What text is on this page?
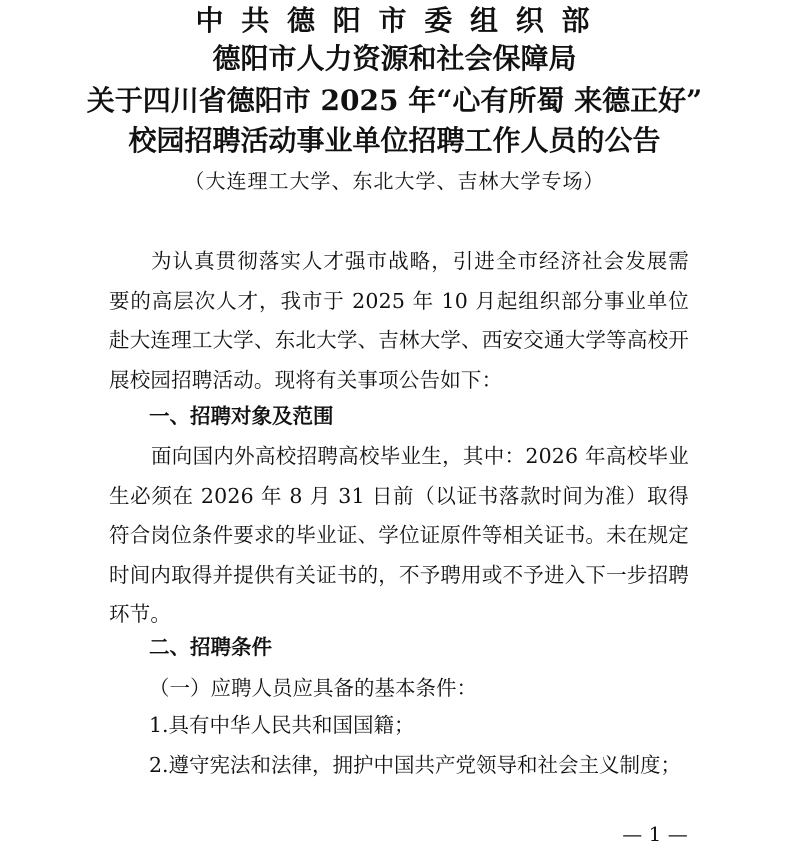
中 共 德 阳 市 委 组 织 部
德阳市人力资源和社会保障局
关于四川省德阳市 2025 年“心有所蜀 来德正好”
校园招聘活动事业单位招聘工作人员的公告
（大连理工大学、东北大学、吉林大学专场）
为认真贯彻落实人才强市战略，引进全市经济社会发展需要的高层次人才，我市于 2025 年 10 月起组织部分事业单位赴大连理工大学、东北大学、吉林大学、西安交通大学等高校开展校园招聘活动。现将有关事项公告如下：
一、招聘对象及范围
面向国内外高校招聘高校毕业生，其中：2026 年高校毕业生必须在 2026 年 8 月 31 日前（以证书落款时间为准）取得符合岗位条件要求的毕业证、学位证原件等相关证书。未在规定时间内取得并提供有关证书的，不予聘用或不予进入下一步招聘环节。
二、招聘条件
（一）应聘人员应具备的基本条件：
1.具有中华人民共和国国籍；
2.遵守宪法和法律，拥护中国共产党领导和社会主义制度；
— 1 —
